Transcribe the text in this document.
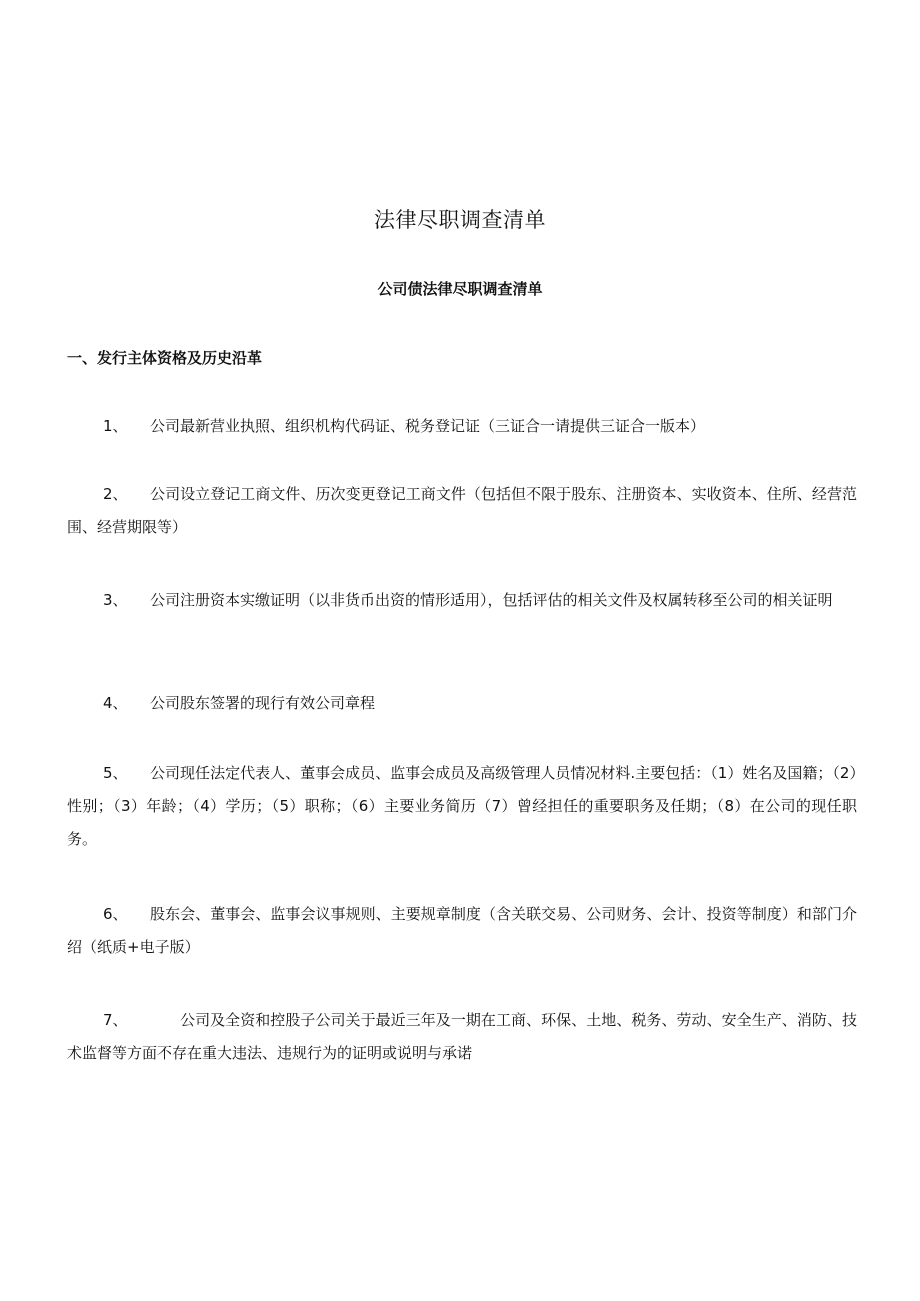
法律尽职调查清单
公司债法律尽职调查清单
一、发行主体资格及历史沿革
1、 公司最新营业执照、组织机构代码证、税务登记证（三证合一请提供三证合一版本）
2、 公司设立登记工商文件、历次变更登记工商文件（包括但不限于股东、注册资本、实收资本、住所、经营范围、经营期限等）
3、 公司注册资本实缴证明（以非货币出资的情形适用），包括评估的相关文件及权属转移至公司的相关证明
4、 公司股东签署的现行有效公司章程
5、 公司现任法定代表人、董事会成员、监事会成员及高级管理人员情况材料.主要包括：（1）姓名及国籍；（2）性别；（3）年龄；（4）学历；（5）职称；（6）主要业务简历（7）曾经担任的重要职务及任期；（8）在公司的现任职务。
6、 股东会、董事会、监事会议事规则、主要规章制度（含关联交易、公司财务、会计、投资等制度）和部门介绍（纸质+电子版）
7、	公司及全资和控股子公司关于最近三年及一期在工商、环保、土地、税务、劳动、安全生产、消防、技术监督等方面不存在重大违法、违规行为的证明或说明与承诺
